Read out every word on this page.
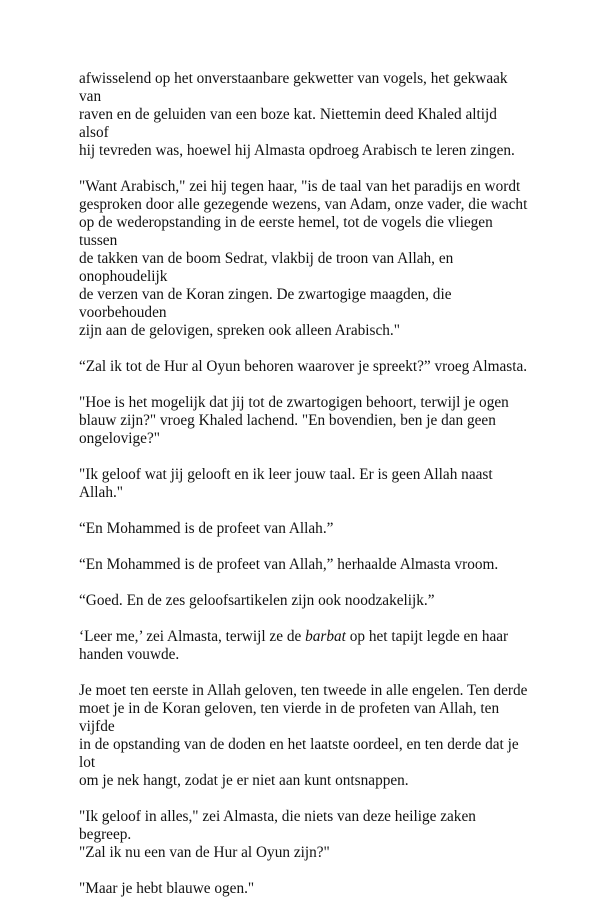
afwisselend op het onverstaanbare gekwetter van vogels, het gekwaak van
raven en de geluiden van een boze kat. Niettemin deed Khaled altijd alsof
hij tevreden was, hoewel hij Almasta opdroeg Arabisch te leren zingen.

"Want Arabisch," zei hij tegen haar, "is de taal van het paradijs en wordt
gesproken door alle gezegende wezens, van Adam, onze vader, die wacht
op de wederopstanding in de eerste hemel, tot de vogels die vliegen tussen
de takken van de boom Sedrat, vlakbij de troon van Allah, en onophoudelijk
de verzen van de Koran zingen. De zwartogige maagden, die voorbehouden
zijn aan de gelovigen, spreken ook alleen Arabisch."

“Zal ik tot de Hur al Oyun behoren waarover je spreekt?” vroeg Almasta.

"Hoe is het mogelijk dat jij tot de zwartogigen behoort, terwijl je ogen
blauw zijn?" vroeg Khaled lachend. "En bovendien, ben je dan geen
ongelovige?"

"Ik geloof wat jij gelooft en ik leer jouw taal. Er is geen Allah naast Allah."

“En Mohammed is de profeet van Allah.”

“En Mohammed is de profeet van Allah,” herhaalde Almasta vroom.

“Goed. En de zes geloofsartikelen zijn ook noodzakelijk.”

‘Leer me,’ zei Almasta, terwijl ze de barbat op het tapijt legde en haar
handen vouwde.

Je moet ten eerste in Allah geloven, ten tweede in alle engelen. Ten derde
moet je in de Koran geloven, ten vierde in de profeten van Allah, ten vijfde
in de opstanding van de doden en het laatste oordeel, en ten derde dat je lot
om je nek hangt, zodat je er niet aan kunt ontsnappen.

"Ik geloof in alles," zei Almasta, die niets van deze heilige zaken begreep.
"Zal ik nu een van de Hur al Oyun zijn?"

"Maar je hebt blauwe ogen."
